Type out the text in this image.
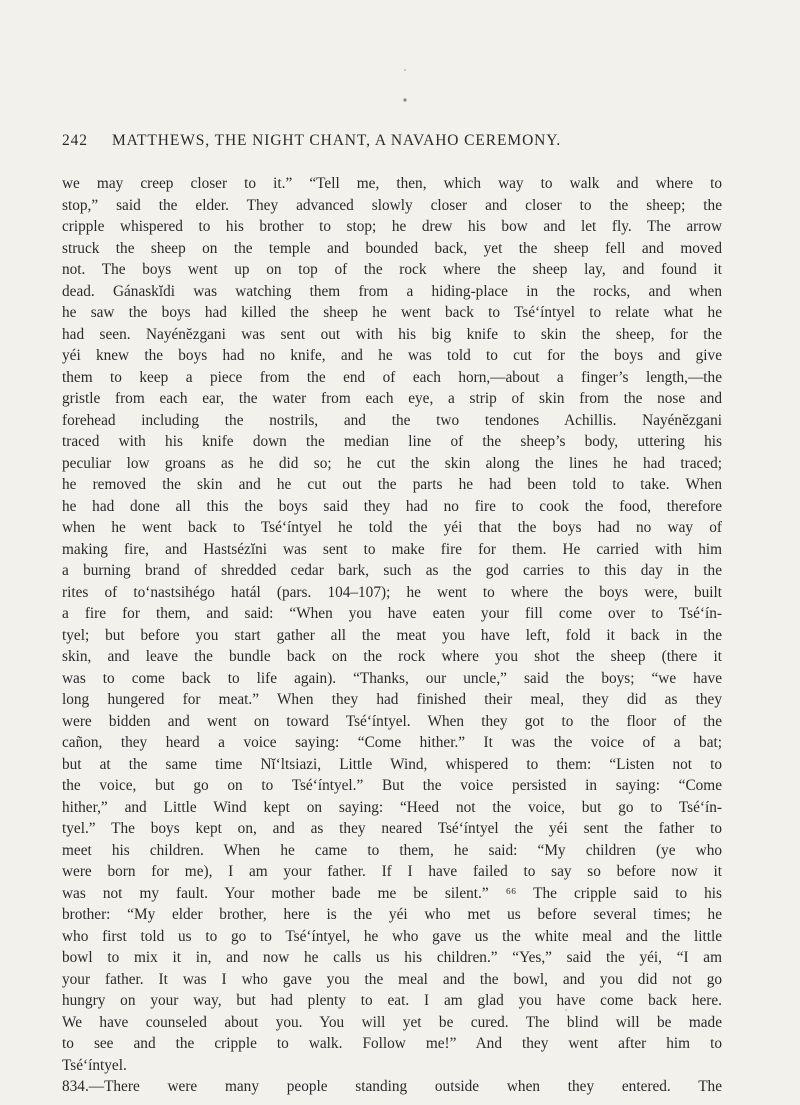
242 MATTHEWS, THE NIGHT CHANT, A NAVAHO CEREMONY.
we may creep closer to it.” “Tell me, then, which way to walk and where to
stop,” said the elder. They advanced slowly closer and closer to the sheep; the
cripple whispered to his brother to stop; he drew his bow and let fly. The arrow
struck the sheep on the temple and bounded back, yet the sheep fell and moved
not. The boys went up on top of the rock where the sheep lay, and found it
dead. Gánaskĭdi was watching them from a hiding-place in the rocks, and when
he saw the boys had killed the sheep he went back to Tsé‘íntyel to relate what he
had seen. Nayénĕzgani was sent out with his big knife to skin the sheep, for the
yéi knew the boys had no knife, and he was told to cut for the boys and give
them to keep a piece from the end of each horn,—about a finger’s length,—the
gristle from each ear, the water from each eye, a strip of skin from the nose and
forehead including the nostrils, and the two tendones Achillis. Nayénĕzgani
traced with his knife down the median line of the sheep’s body, uttering his
peculiar low groans as he did so; he cut the skin along the lines he had traced;
he removed the skin and he cut out the parts he had been told to take. When
he had done all this the boys said they had no fire to cook the food, therefore
when he went back to Tsé‘íntyel he told the yéi that the boys had no way of
making fire, and Hastsézĭni was sent to make fire for them. He carried with him
a burning brand of shredded cedar bark, such as the god carries to this day in the
rites of to‘nastsihégo hatál (pars. 104–107); he went to where the boys were, built
a fire for them, and said: “When you have eaten your fill come over to Tsé‘ín-
tyel; but before you start gather all the meat you have left, fold it back in the
skin, and leave the bundle back on the rock where you shot the sheep (there it
was to come back to life again). “Thanks, our uncle,” said the boys; “we have
long hungered for meat.” When they had finished their meal, they did as they
were bidden and went on toward Tsé‘íntyel. When they got to the floor of the
cañon, they heard a voice saying: “Come hither.” It was the voice of a bat;
but at the same time Nĭ‘ltsiazi, Little Wind, whispered to them: “Listen not to
the voice, but go on to Tsé‘íntyel.” But the voice persisted in saying: “Come
hither,” and Little Wind kept on saying: “Heed not the voice, but go to Tsé‘ín-
tyel.” The boys kept on, and as they neared Tsé‘íntyel the yéi sent the father to
meet his children. When he came to them, he said: “My children (ye who
were born for me), I am your father. If I have failed to say so before now it
was not my fault. Your mother bade me be silent.” ⁶⁶ The cripple said to his
brother: “My elder brother, here is the yéi who met us before several times; he
who first told us to go to Tsé‘íntyel, he who gave us the white meal and the little
bowl to mix it in, and now he calls us his children.” “Yes,” said the yéi, “I am
your father. It was I who gave you the meal and the bowl, and you did not go
hungry on your way, but had plenty to eat. I am glad you have come back here.
We have counseled about you. You will yet be cured. The blind will be made
to see and the cripple to walk. Follow me!” And they went after him to
Tsé‘íntyel.
834.—There were many people standing outside when they entered. The
